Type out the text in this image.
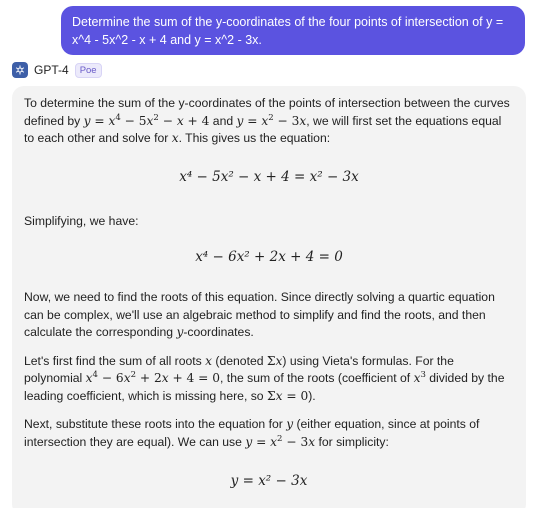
Determine the sum of the y-coordinates of the four points of intersection of y =
x^4 - 5x^2 - x + 4 and y = x^2 - 3x.
GPT-4	Poe

To determine the sum of the y-coordinates of the points of intersection between the curves defined by $y = x^4 - 5x^2 - x + 4$ and $y = x^2 - 3x$, we will first set the equations equal to each other and solve for x. This gives us the equation:

x⁴ − 5x² − x + 4 = x² − 3x

Simplifying, we have:

x⁴ − 6x² + 2x + 4 = 0

Now, we need to find the roots of this equation. Since directly solving a quartic equation can be complex, we'll use an algebraic method to simplify and find the roots, and then calculate the corresponding y-coordinates.

Let's first find the sum of all roots x (denoted Σx) using Vieta's formulas. For the polynomial $x^4 - 6x^2 + 2x + 4 = 0$, the sum of the roots (coefficient of $x^3$ divided by the leading coefficient, which is missing here, so Σx = 0).

Next, substitute these roots into the equation for y (either equation, since at points of intersection they are equal). We can use $y = x^2 - 3x$ for simplicity:

y = x² − 3x
